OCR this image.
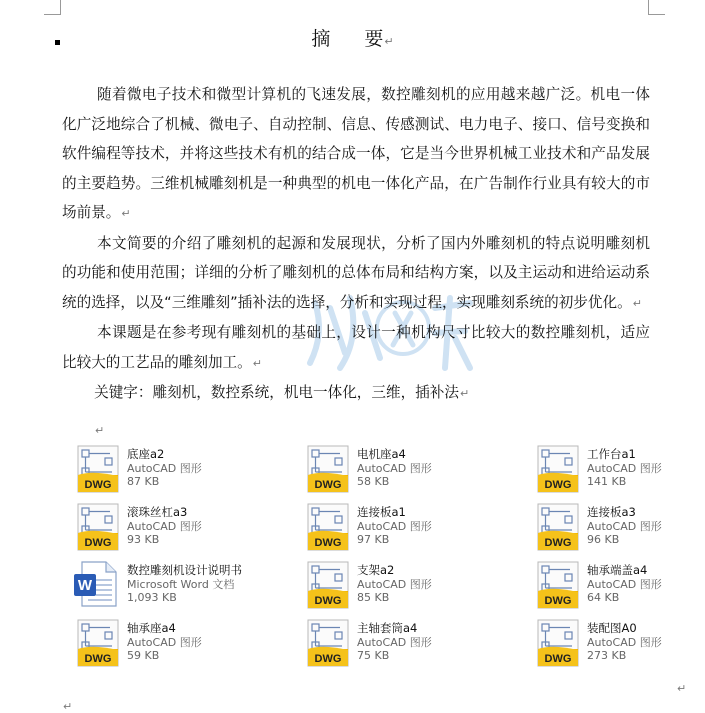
摘 要↵

随着微电子技术和微型计算机的飞速发展，数控雕刻机的应用越来越广泛。机电一体化广泛地综合了机械、微电子、自动控制、信息、传感测试、电力电子、接口、信号变换和软件编程等技术，并将这些技术有机的结合成一体，它是当今世界机械工业技术和产品发展的主要趋势。三维机械雕刻机是一种典型的机电一体化产品，在广告制作行业具有较大的市场前景。↵

本文简要的介绍了雕刻机的起源和发展现状，分析了国内外雕刻机的特点说明雕刻机的功能和使用范围；详细的分析了雕刻机的总体布局和结构方案，以及主运动和进给运动系统的选择，以及“三维雕刻”插补法的选择，分析和实现过程，实现雕刻系统的初步优化。↵

本课题是在参考现有雕刻机的基础上，设计一种机构尺寸比较大的数控雕刻机，适应比较大的工艺品的雕刻加工。↵

关键字：雕刻机，数控系统，机电一体化，三维，插补法↵

↵
底座a2
AutoCAD 图形
87 KB
电机座a4
AutoCAD 图形
58 KB
工作台a1
AutoCAD 图形
141 KB
滚珠丝杠a3
AutoCAD 图形
93 KB
连接板a1
AutoCAD 图形
97 KB
连接板a3
AutoCAD 图形
96 KB
W
数控雕刻机设计说明书
Microsoft Word 文档
1,093 KB
支架a2
AutoCAD 图形
85 KB
轴承端盖a4
AutoCAD 图形
64 KB
轴承座a4
AutoCAD 图形
59 KB
主轴套筒a4
AutoCAD 图形
75 KB
装配图A0
AutoCAD 图形
273 KB
↵
↵
